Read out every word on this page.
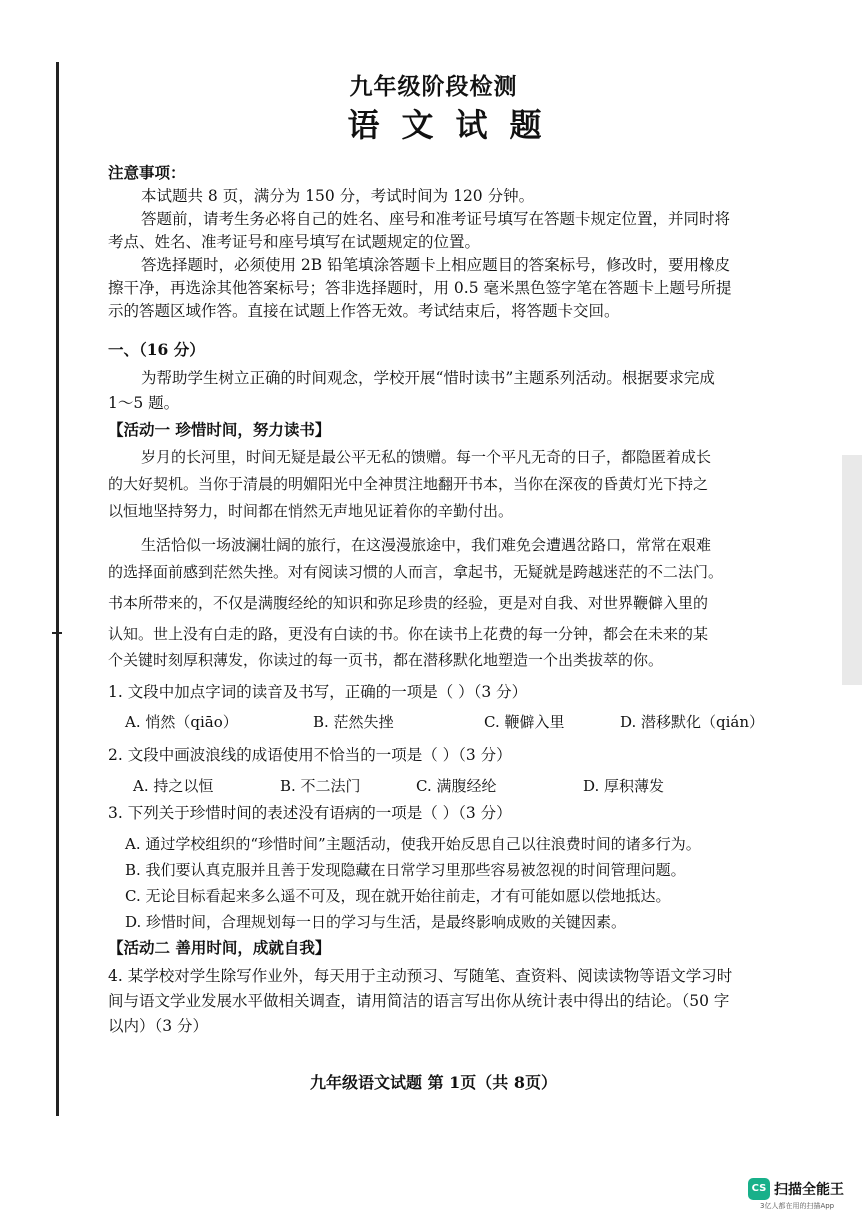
九年级阶段检测
语文试题
注意事项：
本试题共 8 页，满分为 150 分，考试时间为 120 分钟。
答题前，请考生务必将自己的姓名、座号和准考证号填写在答题卡规定位置，并同时将
考点、姓名、准考证号和座号填写在试题规定的位置。
答选择题时，必须使用 2B 铅笔填涂答题卡上相应题目的答案标号，修改时，要用橡皮
擦干净，再选涂其他答案标号；答非选择题时，用 0.5 毫米黑色签字笔在答题卡上题号所提
示的答题区域作答。直接在试题上作答无效。考试结束后，将答题卡交回。
一、（16 分）
为帮助学生树立正确的时间观念，学校开展“惜时读书”主题系列活动。根据要求完成
1～5 题。
【活动一 珍惜时间，努力读书】
岁月的长河里，时间无疑是最公平无私的馈赠。每一个平凡无奇的日子，都隐匿着成长
的大好契机。当你于清晨的明媚阳光中全神贯注地翻开书本，当你在深夜的昏黄灯光下持之
以恒地坚持努力，时间都在悄然无声地见证着你的辛勤付出。
生活恰似一场波澜壮阔的旅行，在这漫漫旅途中，我们难免会遭遇岔路口，常常在艰难
的选择面前感到茫然失挫。对有阅读习惯的人而言，拿起书，无疑就是跨越迷茫的不二法门。
书本所带来的，不仅是满腹经纶的知识和弥足珍贵的经验，更是对自我、对世界鞭僻入里的
认知。世上没有白走的路，更没有白读的书。你在读书上花费的每一分钟，都会在未来的某
个关键时刻厚积薄发，你读过的每一页书，都在潜移默化地塑造一个出类拔萃的你。
1. 文段中加点字词的读音及书写，正确的一项是（ ）（3 分）
A. 悄然（qiāo）	B. 茫然失挫	C. 鞭僻入里	D. 潜移默化（qián）
2. 文段中画波浪线的成语使用不恰当的一项是（ ）（3 分）
A. 持之以恒	B. 不二法门	C. 满腹经纶	D. 厚积薄发
3. 下列关于珍惜时间的表述没有语病的一项是（ ）（3 分）
A. 通过学校组织的“珍惜时间”主题活动，使我开始反思自己以往浪费时间的诸多行为。
B. 我们要认真克服并且善于发现隐藏在日常学习里那些容易被忽视的时间管理问题。
C. 无论目标看起来多么遥不可及，现在就开始往前走，才有可能如愿以偿地抵达。
D. 珍惜时间，合理规划每一日的学习与生活，是最终影响成败的关键因素。
【活动二 善用时间，成就自我】
4. 某学校对学生除写作业外，每天用于主动预习、写随笔、查资料、阅读读物等语文学习时
间与语文学业发展水平做相关调查，请用简洁的语言写出你从统计表中得出的结论。（50 字
以内）（3 分）
九年级语文试题 第 1页（共 8页）
CS 扫描全能王
3亿人都在用的扫描App
